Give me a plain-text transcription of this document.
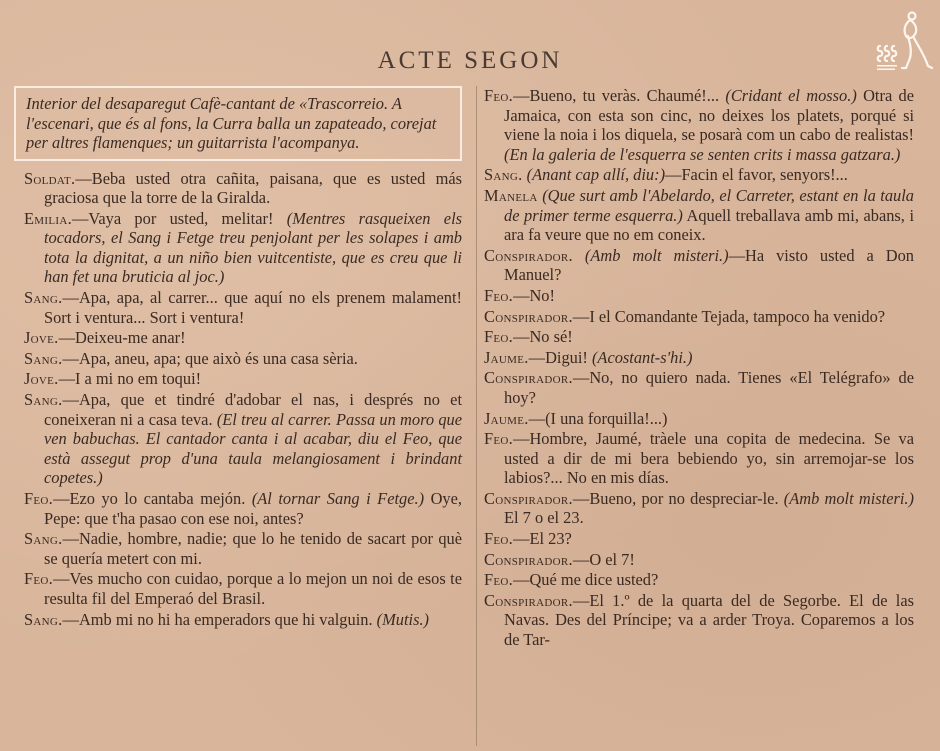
ACTE SEGON

Interior del desaparegut Cafè-cantant de «Trascorreio. A l'escenari, que és al fons, la Curra balla un zapateado, corejat per altres flamenques; un guitarrista l'acompanya.

Soldat.—Beba usted otra cañita, paisana, que es usted más graciosa que la torre de la Giralda.

Emilia.—Vaya por usted, melitar! (Mentres rasqueixen els tocadors, el Sang i Fetge treu penjolant per les solapes i amb tota la dignitat, a un niño bien vuitcentiste, que es creu que li han fet una bruticia al joc.)

Sang.—Apa, apa, al carrer... que aquí no els prenem malament! Sort i ventura... Sort i ventura!

Jove.—Deixeu-me anar!

Sang.—Apa, aneu, apa; que això és una casa sèria.

Jove.—I a mi no em toqui!

Sang.—Apa, que et tindré d'adobar el nas, i després no et coneixeran ni a casa teva. (El treu al carrer. Passa un moro que ven babuchas. El cantador canta i al acabar, diu el Feo, que està assegut prop d'una taula melangiosament i brindant copetes.)

Feo.—Ezo yo lo cantaba mejón. (Al tornar Sang i Fetge.) Oye, Pepe: que t'ha pasao con ese noi, antes?

Sang.—Nadie, hombre, nadie; que lo he tenido de sacart por què se quería metert con mi.

Feo.—Ves mucho con cuidao, porque a lo mejon un noi de esos te resulta fil del Emperaó del Brasil.

Sang.—Amb mi no hi ha emperadors que hi valguin. (Mutis.)

Feo.—Bueno, tu veràs. Chaumé!... (Cridant el mosso.) Otra de Jamaica, con esta son cinc, no deixes los platets, porqué si viene la noia i los diquela, se posarà com un cabo de realistas! (En la galeria de l'esquerra se senten crits i massa gatzara.)

Sang. (Anant cap allí, diu:)—Facin el favor, senyors!...

Manela (Que surt amb l'Abelardo, el Carreter, estant en la taula de primer terme esquerra.) Aquell treballava amb mi, abans, i ara fa veure que no em coneix.

Conspirador. (Amb molt misteri.)—Ha visto usted a Don Manuel?

Feo.—No!

Conspirador.—I el Comandante Tejada, tampoco ha venido?

Feo.—No sé!

Jaume.—Digui! (Acostant-s'hi.)

Conspirador.—No, no quiero nada. Tienes «El Telégrafo» de hoy?

Jaume.—(I una forquilla!...)

Feo.—Hombre, Jaumé, tràele una copita de medecina. Se va usted a dir de mi bera bebiendo yo, sin arremojar-se los labios?... No en mis días.

Conspirador.—Bueno, por no despreciar-le. (Amb molt misteri.) El 7 o el 23.

Feo.—El 23?

Conspirador.—O el 7!

Feo.—Qué me dice usted?

Conspirador.—El 1.º de la quarta del de Segorbe. El de las Navas. Des del Príncipe; va a arder Troya. Coparemos a los de Tar-
